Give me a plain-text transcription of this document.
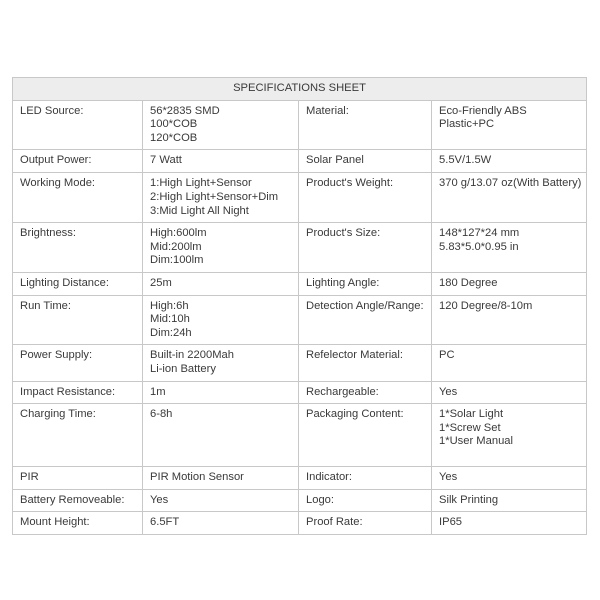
SPECIFICATIONS SHEET			
LED Source:	56*2835 SMD
100*COB
120*COB	Material:	Eco-Friendly ABS
Plastic+PC

Output Power:	7 Watt	Solar Panel	5.5V/1.5W

Working Mode:	1:High Light+Sensor
2:High Light+Sensor+Dim
3:Mid Light All Night	Product's Weight:	370 g/13.07 oz(With Battery)

Brightness:	High:600lm
Mid:200lm
Dim:100lm	Product's Size:	148*127*24 mm
5.83*5.0*0.95 in

Lighting Distance:	25m	Lighting Angle:	180 Degree

Run Time:	High:6h
Mid:10h
Dim:24h	Detection Angle/Range:	120 Degree/8-10m

Power Supply:	Built-in 2200Mah
Li-ion Battery	Refelector Material:	PC

Impact Resistance:	1m	Rechargeable:	Yes

Charging Time:	6-8h	Packaging Content:	1*Solar Light
1*Screw Set
1*User Manual

PIR	PIR Motion Sensor	Indicator:	Yes

Battery Removeable:	Yes	Logo:	Silk Printing

Mount Height:	6.5FT	Proof Rate:	IP65
